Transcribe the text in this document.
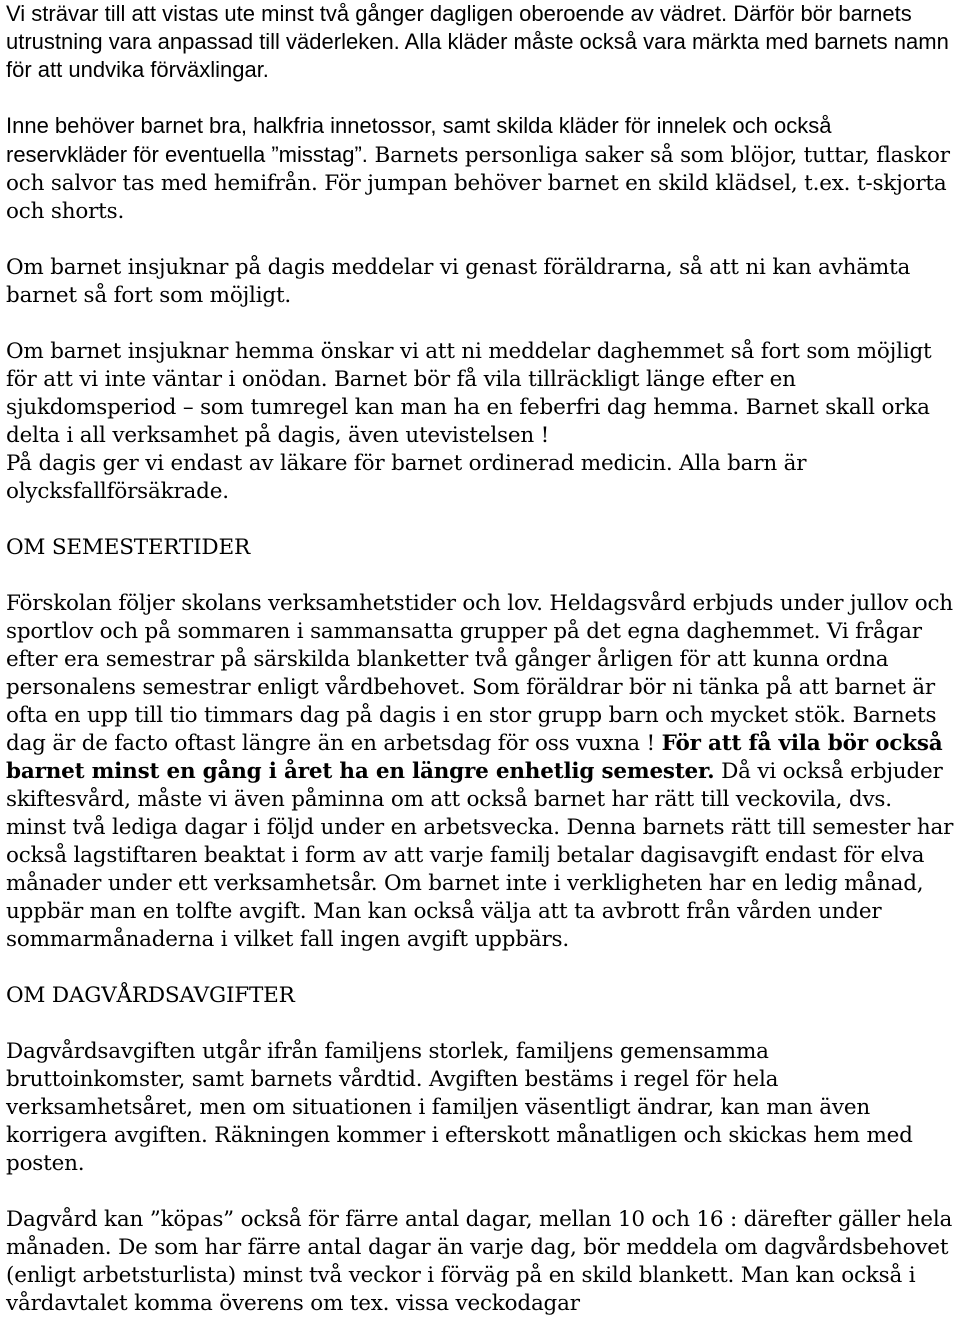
Vi strävar till att vistas ute minst två gånger dagligen oberoende av vädret. Därför bör barnets utrustning vara anpassad till väderleken. Alla kläder måste också vara märkta med barnets namn för att undvika förväxlingar.

Inne behöver barnet bra, halkfria innetossor, samt skilda kläder för innelek och också reservkläder för eventuella ”misstag”. Barnets personliga saker så som blöjor, tuttar, flaskor och salvor tas med hemifrån. För jumpan behöver barnet en skild klädsel, t.ex. t-skjorta och shorts.

Om barnet insjuknar på dagis meddelar vi genast föräldrarna, så att ni kan avhämta barnet så fort som möjligt.

Om barnet insjuknar hemma önskar vi att ni meddelar daghemmet så fort som möjligt för att vi inte väntar i onödan. Barnet bör få vila tillräckligt länge efter en sjukdomsperiod – som tumregel kan man ha en feberfri dag hemma. Barnet skall orka delta i all verksamhet på dagis, även utevistelsen !

På dagis ger vi endast av läkare för barnet ordinerad medicin. Alla barn är olycksfallförsäkrade.

OM SEMESTERTIDER

Förskolan följer skolans verksamhetstider och lov. Heldagsvård erbjuds under jullov och sportlov och på sommaren i sammansatta grupper på det egna daghemmet. Vi frågar efter era semestrar på särskilda blanketter två gånger årligen för att kunna ordna personalens semestrar enligt vårdbehovet. Som föräldrar bör ni tänka på att barnet är ofta en upp till tio timmars dag på dagis i en stor grupp barn och mycket stök. Barnets dag är de facto oftast längre än en arbetsdag för oss vuxna ! För att få vila bör också barnet minst en gång i året ha en längre enhetlig semester. Då vi också erbjuder skiftesvård, måste vi även påminna om att också barnet har rätt till veckovila, dvs. minst två lediga dagar i följd under en arbetsvecka. Denna barnets rätt till semester har också lagstiftaren beaktat i form av att varje familj betalar dagisavgift endast för elva månader under ett verksamhetsår. Om barnet inte i verkligheten har en ledig månad, uppbär man en tolfte avgift. Man kan också välja att ta avbrott från vården under sommarmånaderna i vilket fall ingen avgift uppbärs.

OM DAGVÅRDSAVGIFTER

Dagvårdsavgiften utgår ifrån familjens storlek, familjens gemensamma bruttoinkomster, samt barnets vårdtid. Avgiften bestäms i regel för hela verksamhetsåret, men om situationen i familjen väsentligt ändrar, kan man även korrigera avgiften. Räkningen kommer i efterskott månatligen och skickas hem med posten.

Dagvård kan ”köpas” också för färre antal dagar, mellan 10 och 16 : därefter gäller hela månaden. De som har färre antal dagar än varje dag, bör meddela om dagvårdsbehovet (enligt arbetsturlista) minst två veckor i förväg på en skild blankett. Man kan också i vårdavtalet komma överens om tex. vissa veckodagar
